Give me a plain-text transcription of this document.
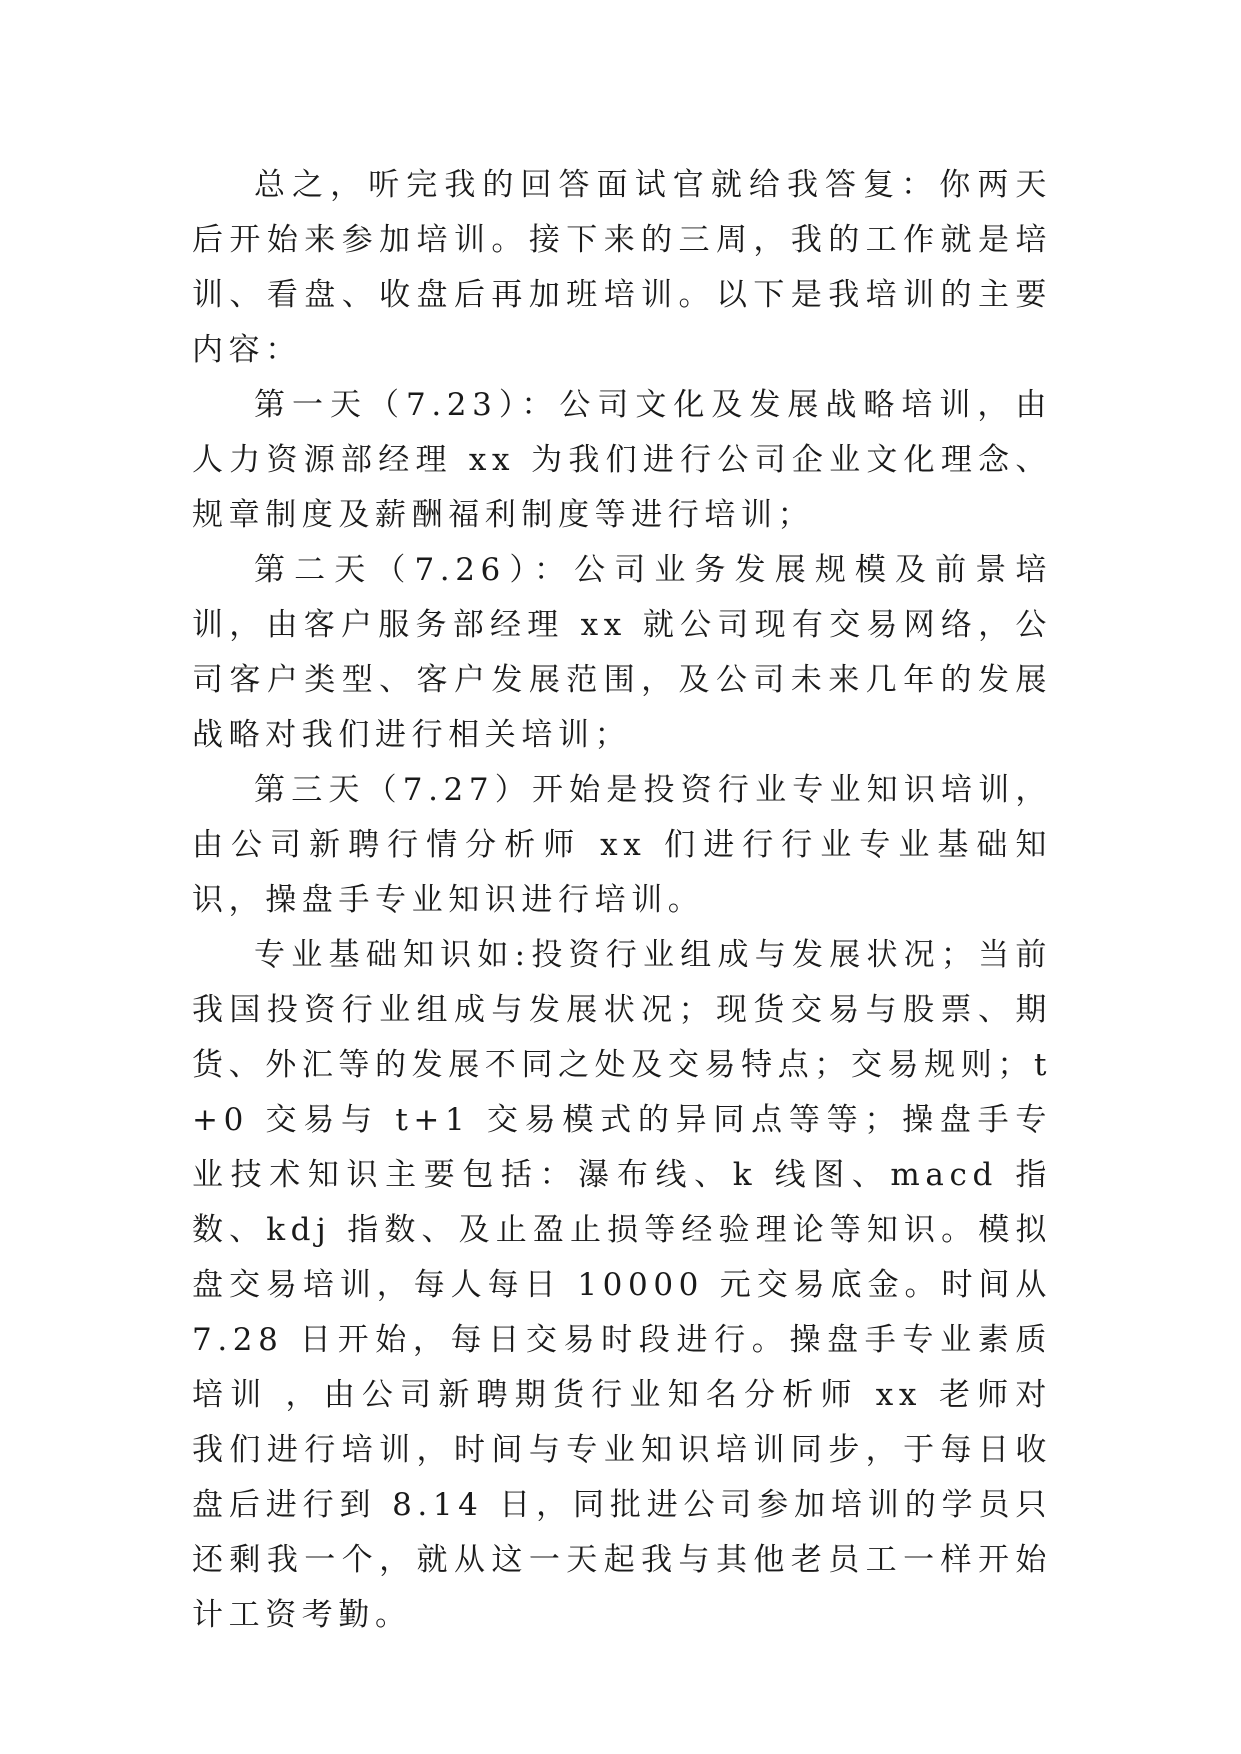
总之，听完我的回答面试官就给我答复：你两天后开始来参加培训。接下来的三周，我的工作就是培训、看盘、收盘后再加班培训。以下是我培训的主要内容：

第一天（7.23）：公司文化及发展战略培训，由人力资源部经理 xx 为我们进行公司企业文化理念、规章制度及薪酬福利制度等进行培训；

第二天（7.26）：公司业务发展规模及前景培训，由客户服务部经理 xx 就公司现有交易网络，公司客户类型、客户发展范围，及公司未来几年的发展战略对我们进行相关培训；

第三天（7.27）开始是投资行业专业知识培训，由公司新聘行情分析师 xx 们进行行业专业基础知识，操盘手专业知识进行培训。

专业基础知识如:投资行业组成与发展状况；当前我国投资行业组成与发展状况；现货交易与股票、期货、外汇等的发展不同之处及交易特点；交易规则；t+0 交易与 t+1 交易模式的异同点等等；操盘手专业技术知识主要包括：瀑布线、k 线图、macd 指数、kdj 指数、及止盈止损等经验理论等知识。模拟盘交易培训，每人每日 10000 元交易底金。时间从 7.28 日开始，每日交易时段进行。操盘手专业素质培训 ，由公司新聘期货行业知名分析师 xx 老师对我们进行培训，时间与专业知识培训同步，于每日收盘后进行到 8.14 日，同批进公司参加培训的学员只还剩我一个，就从这一天起我与其他老员工一样开始计工资考勤。
